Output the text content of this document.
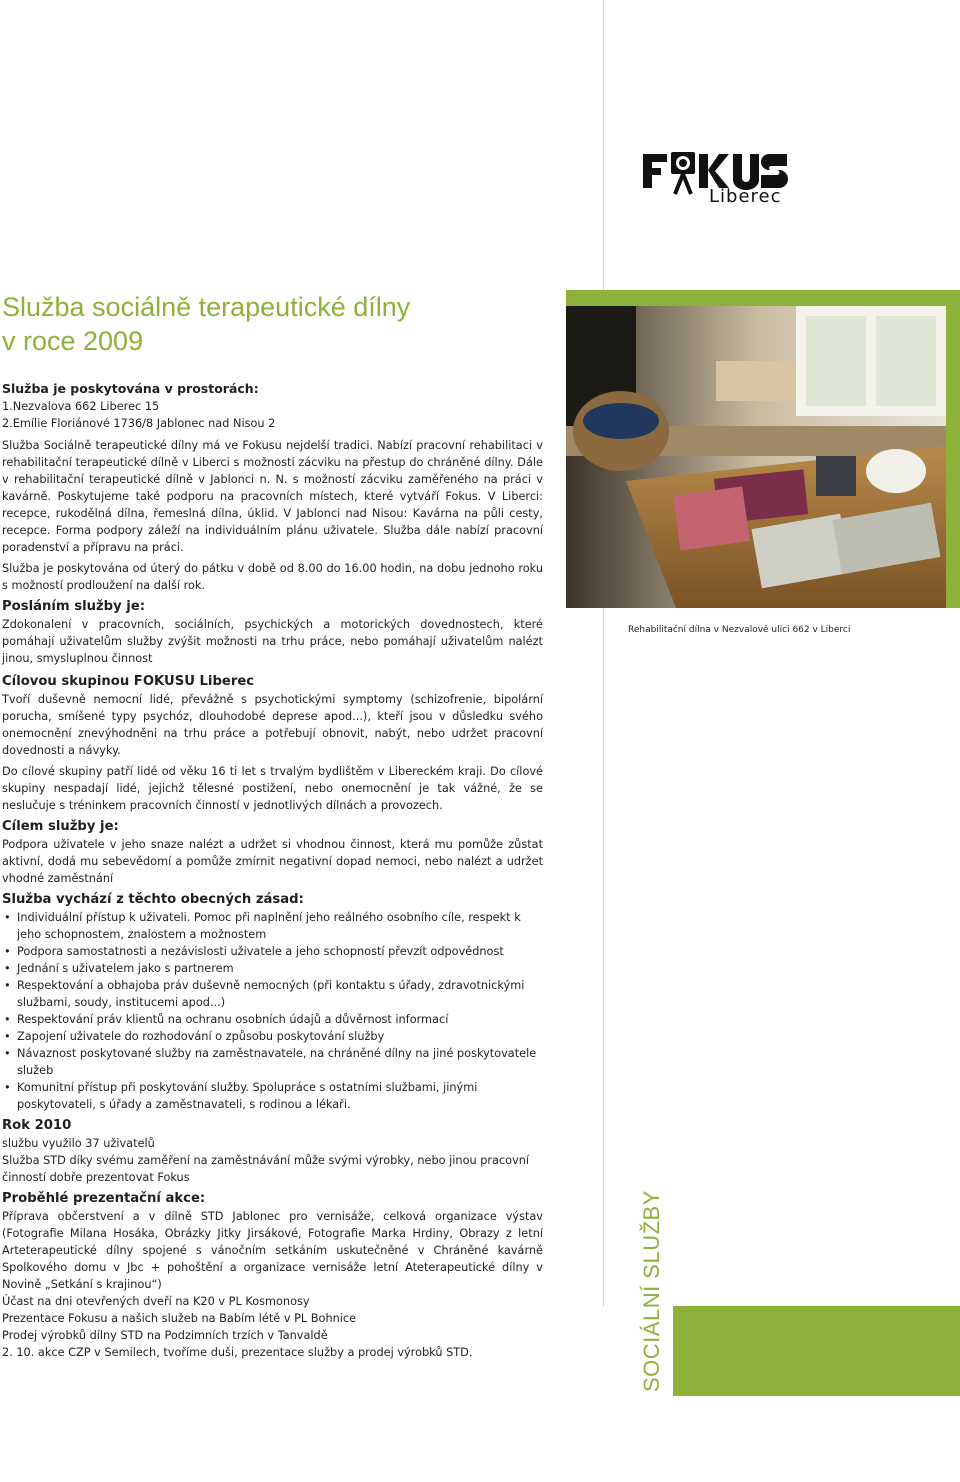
Liberec
Služba sociálně terapeutické dílny
v roce 2009
Rehabilitační dílna v Nezvalově ulici 662 v Liberci
Služba je poskytována v prostorách:

1.Nezvalova 662 Liberec 15

2.Emílie Floriánové 1736/8 Jablonec nad Nisou 2

Služba Sociálně terapeutické dílny má ve Fokusu nejdelší tradici. Nabízí pracovní rehabilitaci v rehabilitační terapeutické dílně v Liberci s možností zácviku na přestup do chráněné dílny. Dále v rehabilitační terapeutické dílně v Jablonci n. N. s možností zácviku zaměřeného na práci v kavárně. Poskytujeme také podporu na pracovních místech, které vytváří Fokus. V Liberci: recepce, rukodělná dílna, řemeslná dílna, úklid. V Jablonci nad Nisou: Kavárna na půli cesty, recepce. Forma podpory záleží na individuálním plánu uživatele. Služba dále nabízí pracovní poradenství a přípravu na práci.

Služba je poskytována od úterý do pátku v době od 8.00 do 16.00 hodin, na dobu jednoho roku s možností prodloužení na další rok.

Posláním služby je:

Zdokonalení v pracovních, sociálních, psychických a motorických dovednostech, které pomáhají uživatelům služby zvýšit možnosti na trhu práce, nebo pomáhají uživatelům nalézt jinou, smysluplnou činnost

Cílovou skupinou FOKUSU Liberec

Tvoří duševně nemocní lidé, převážně s psychotickými symptomy (schizofrenie, bipolární porucha, smíšené typy psychóz, dlouhodobé deprese apod...), kteří jsou v důsledku svého onemocnění znevýhodněni na trhu práce a potřebují obnovit, nabýt, nebo udržet pracovní dovednosti a návyky.

Do cílové skupiny patří lidé od věku 16 ti let s trvalým bydlištěm v Libereckém kraji. Do cílové skupiny nespadají lidé, jejichž tělesné postižení, nebo onemocnění je tak vážné, že se neslučuje s tréninkem pracovních činností v jednotlivých dílnách a provozech.

Cílem služby je:

Podpora uživatele v jeho snaze nalézt a udržet si vhodnou činnost, která mu pomůže zůstat aktivní, dodá mu sebevědomí a pomůže zmírnit negativní dopad nemoci, nebo nalézt a udržet vhodné zaměstnání

Služba vychází z těchto obecných zásad:
• Individuální přístup k uživateli. Pomoc při naplnění jeho reálného osobního cíle, respekt k jeho schopnostem, znalostem a možnostem
• Podpora samostatnosti a nezávislosti uživatele a jeho schopností převzít odpovědnost
• Jednání s uživatelem jako s partnerem
• Respektování a obhajoba práv duševně nemocných (při kontaktu s úřady, zdravotnickými službami, soudy, institucemi apod...)
• Respektování práv klientů na ochranu osobních údajů a důvěrnost informací
• Zapojení uživatele do rozhodování o způsobu poskytování služby
• Návaznost poskytované služby na zaměstnavatele, na chráněné dílny na jiné poskytovatele služeb
• Komunitní přístup při poskytování služby. Spolupráce s ostatními službami, jinými poskytovateli, s úřady a zaměstnavateli, s rodinou a lékaři.
Rok 2010

službu využilo 37 uživatelů

Služba STD díky svému zaměření na zaměstnávání může svými výrobky, nebo jinou pracovní činností dobře prezentovat Fokus

Proběhlé prezentační akce:

Příprava občerstvení a v dílně STD Jablonec pro vernisáže, celková organizace výstav (Fotografie Milana Hosáka, Obrázky Jitky Jirsákové, Fotografie Marka Hrdiny, Obrazy z letní Arteterapeutické dílny spojené s vánočním setkáním uskutečněné v Chráněné kavárně Spolkového domu v Jbc + pohoštění a organizace vernisáže letní Ateterapeutické dílny v Novině „Setkání s krajinou“)

Účast na dni otevřených dveří na K20 v PL Kosmonosy

Prezentace Fokusu a našich služeb na Babím létě v PL Bohnice

Prodej výrobků dílny STD na Podzimních trzích v Tanvaldě

2. 10. akce CZP v Semilech, tvoříme duši, prezentace služby a prodej výrobků STD.	SOCIÁLNÍ SLUŽBY
